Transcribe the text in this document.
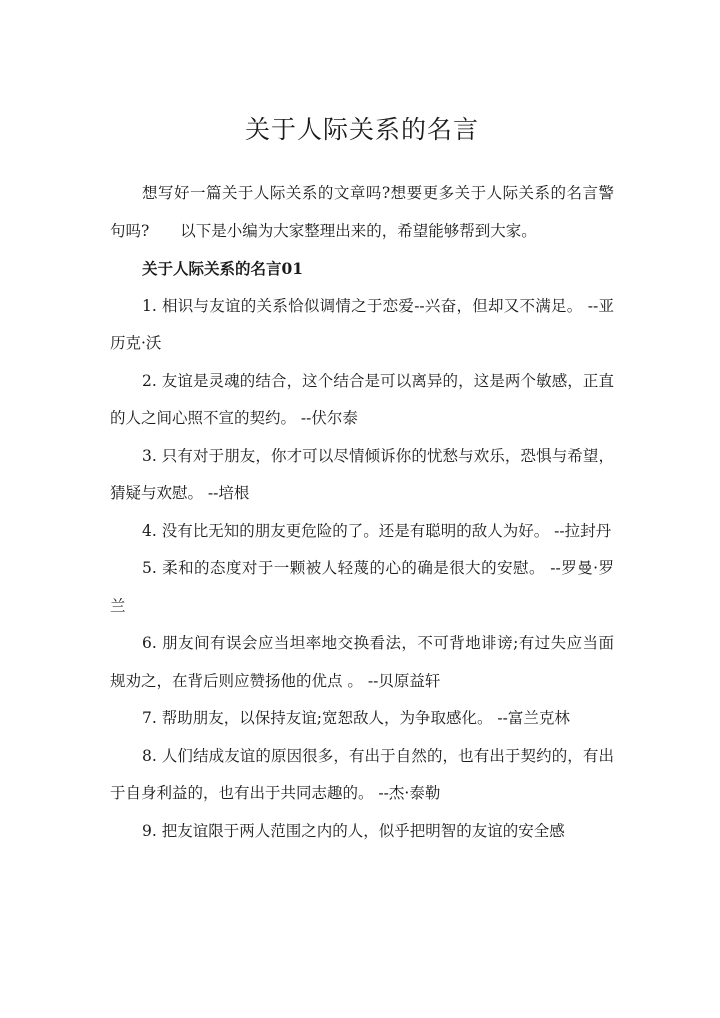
关于人际关系的名言

想写好一篇关于人际关系的文章吗?想要更多关于人际关系的名言警句吗?　　以下是小编为大家整理出来的，希望能够帮到大家。

关于人际关系的名言01

1. 相识与友谊的关系恰似调情之于恋爱--兴奋，但却又不满足。 --亚历克·沃

2. 友谊是灵魂的结合，这个结合是可以离异的，这是两个敏感，正直的人之间心照不宣的契约。 --伏尔泰

3. 只有对于朋友，你才可以尽情倾诉你的忧愁与欢乐，恐惧与希望，猜疑与欢慰。 --培根

4. 没有比无知的朋友更危险的了。还是有聪明的敌人为好。 --拉封丹

5. 柔和的态度对于一颗被人轻蔑的心的确是很大的安慰。 --罗曼·罗兰

6. 朋友间有误会应当坦率地交换看法，不可背地诽谤;有过失应当面规劝之，在背后则应赞扬他的优点 。 --贝原益轩

7. 帮助朋友，以保持友谊;宽恕敌人，为争取感化。 --富兰克林

8. 人们结成友谊的原因很多，有出于自然的，也有出于契约的，有出于自身利益的，也有出于共同志趣的。 --杰·泰勒

9. 把友谊限于两人范围之内的人，似乎把明智的友谊的安全感
